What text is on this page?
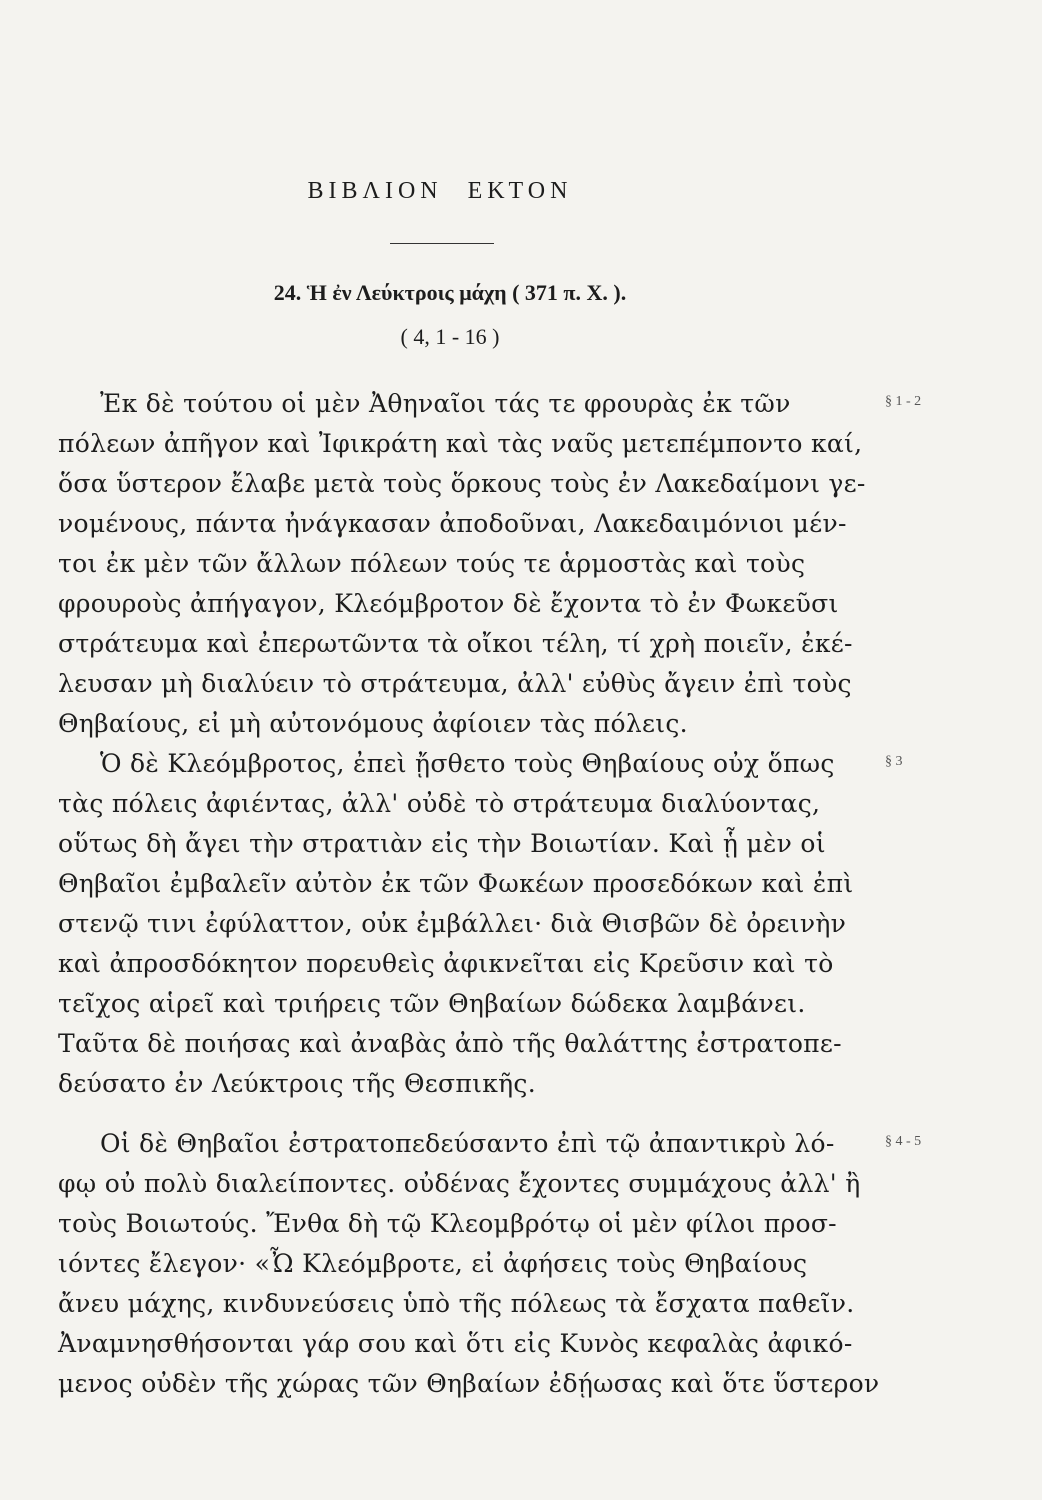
ΒΙΒΛΙΟΝ ΕΚΤΟΝ
24. Ἡ ἐν Λεύκτροις μάχη ( 371 π. Χ. ).
( 4, 1 - 16 )
Ἐκ δὲ τούτου οἱ μὲν Ἀθηναῖοι τάς τε φρουρὰς ἐκ τῶν
πόλεων ἀπῆγον καὶ Ἰφικράτη καὶ τὰς ναῦς μετεπέμποντο καί,
ὅσα ὕστερον ἔλαβε μετὰ τοὺς ὅρκους τοὺς ἐν Λακεδαίμονι γε-
νομένους, πάντα ἠνάγκασαν ἀποδοῦναι, Λακεδαιμόνιοι μέν-
τοι ἐκ μὲν τῶν ἄλλων πόλεων τούς τε ἁρμοστὰς καὶ τοὺς
φρουροὺς ἀπήγαγον, Κλεόμβροτον δὲ ἔχοντα τὸ ἐν Φωκεῦσι
στράτευμα καὶ ἐπερωτῶντα τὰ οἴκοι τέλη, τί χρὴ ποιεῖν, ἐκέ-
λευσαν μὴ διαλύειν τὸ στράτευμα, ἀλλ' εὐθὺς ἄγειν ἐπὶ τοὺς
Θηβαίους, εἰ μὴ αὐτονόμους ἀφίοιεν τὰς πόλεις.
Ὁ δὲ Κλεόμβροτος, ἐπεὶ ᾔσθετο τοὺς Θηβαίους οὐχ ὅπως
τὰς πόλεις ἀφιέντας, ἀλλ' οὐδὲ τὸ στράτευμα διαλύοντας,
οὕτως δὴ ἄγει τὴν στρατιὰν εἰς τὴν Βοιωτίαν. Καὶ ᾗ μὲν οἱ
Θηβαῖοι ἐμβαλεῖν αὐτὸν ἐκ τῶν Φωκέων προσεδόκων καὶ ἐπὶ
στενῷ τινι ἐφύλαττον, οὐκ ἐμβάλλει· διὰ Θισβῶν δὲ ὀρεινὴν
καὶ ἀπροσδόκητον πορευθεὶς ἀφικνεῖται εἰς Κρεῦσιν καὶ τὸ
τεῖχος αἱρεῖ καὶ τριήρεις τῶν Θηβαίων δώδεκα λαμβάνει.
Ταῦτα δὲ ποιήσας καὶ ἀναβὰς ἀπὸ τῆς θαλάττης ἐστρατοπε-
δεύσατο ἐν Λεύκτροις τῆς Θεσπικῆς.
Οἱ δὲ Θηβαῖοι ἐστρατοπεδεύσαντο ἐπὶ τῷ ἀπαντικρὺ λό-
φῳ οὐ πολὺ διαλείποντες. οὐδένας ἔχοντες συμμάχους ἀλλ' ἢ
τοὺς Βοιωτούς. Ἔνθα δὴ τῷ Κλεομβρότῳ οἱ μὲν φίλοι προσ-
ιόντες ἔλεγον· «Ὦ Κλεόμβροτε, εἰ ἀφήσεις τοὺς Θηβαίους
ἄνευ μάχης, κινδυνεύσεις ὑπὸ τῆς πόλεως τὰ ἔσχατα παθεῖν.
Ἀναμνησθήσονται γάρ σου καὶ ὅτι εἰς Κυνὸς κεφαλὰς ἀφικό-
μενος οὐδὲν τῆς χώρας τῶν Θηβαίων ἐδῄωσας καὶ ὅτε ὕστερον
§ 1 - 2
§ 3
§ 4 - 5
